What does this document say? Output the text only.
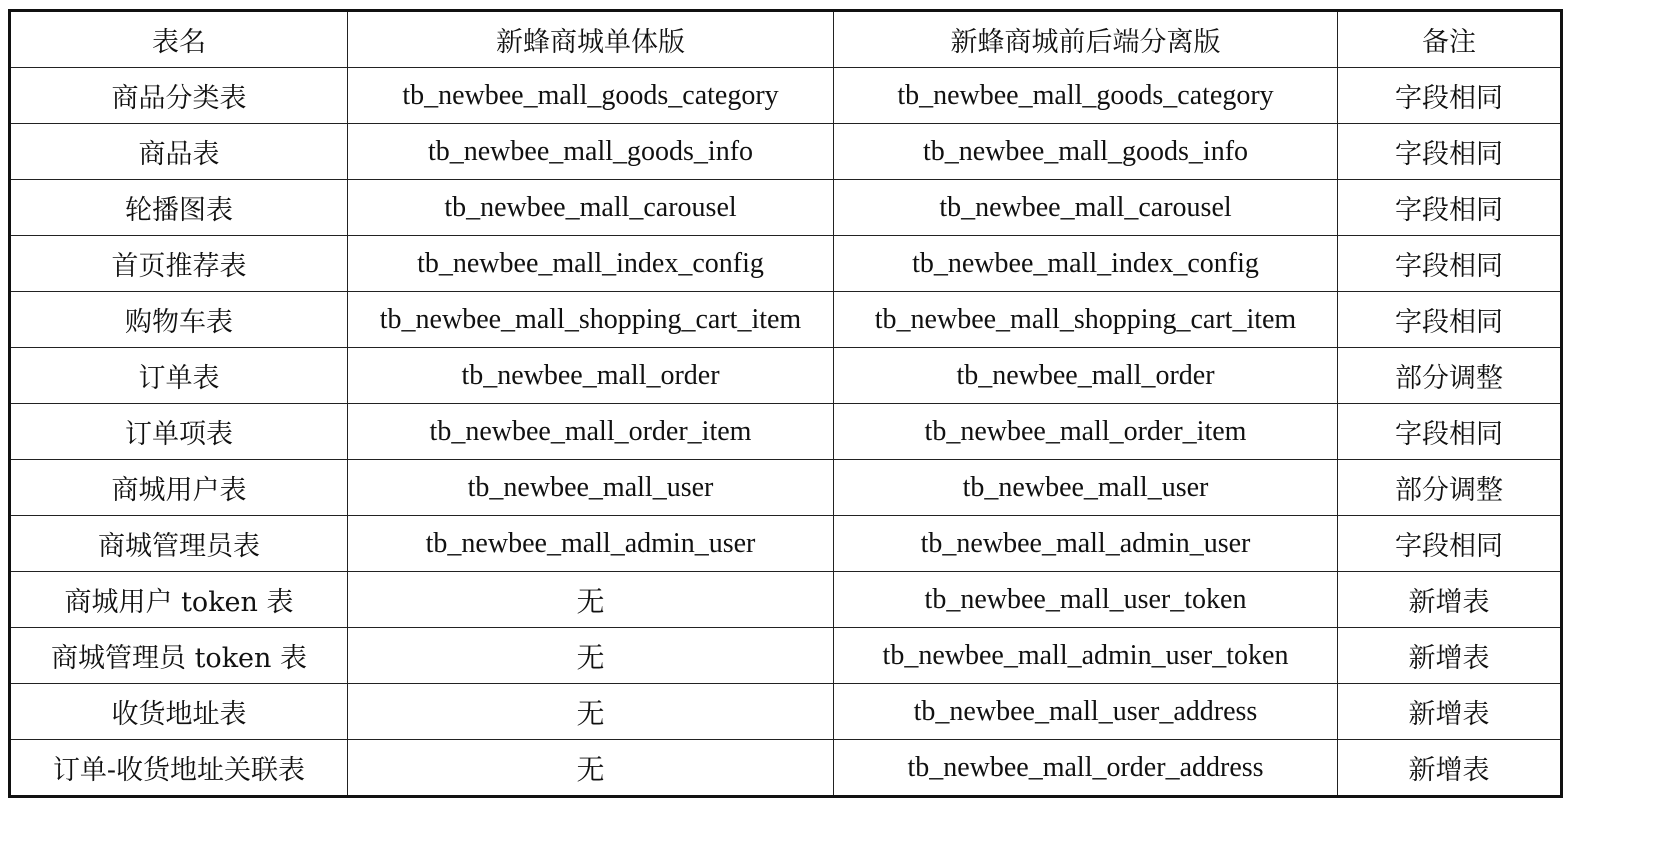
表名	新蜂商城单体版	新蜂商城前后端分离版	备注
商品分类表	tb_newbee_mall_goods_category	tb_newbee_mall_goods_category	字段相同
商品表	tb_newbee_mall_goods_info	tb_newbee_mall_goods_info	字段相同
轮播图表	tb_newbee_mall_carousel	tb_newbee_mall_carousel	字段相同
首页推荐表	tb_newbee_mall_index_config	tb_newbee_mall_index_config	字段相同
购物车表	tb_newbee_mall_shopping_cart_item	tb_newbee_mall_shopping_cart_item	字段相同
订单表	tb_newbee_mall_order	tb_newbee_mall_order	部分调整
订单项表	tb_newbee_mall_order_item	tb_newbee_mall_order_item	字段相同
商城用户表	tb_newbee_mall_user	tb_newbee_mall_user	部分调整
商城管理员表	tb_newbee_mall_admin_user	tb_newbee_mall_admin_user	字段相同
商城用户 token 表	无	tb_newbee_mall_user_token	新增表
商城管理员 token 表	无	tb_newbee_mall_admin_user_token	新增表
收货地址表	无	tb_newbee_mall_user_address	新增表
订单-收货地址关联表	无	tb_newbee_mall_order_address	新增表
